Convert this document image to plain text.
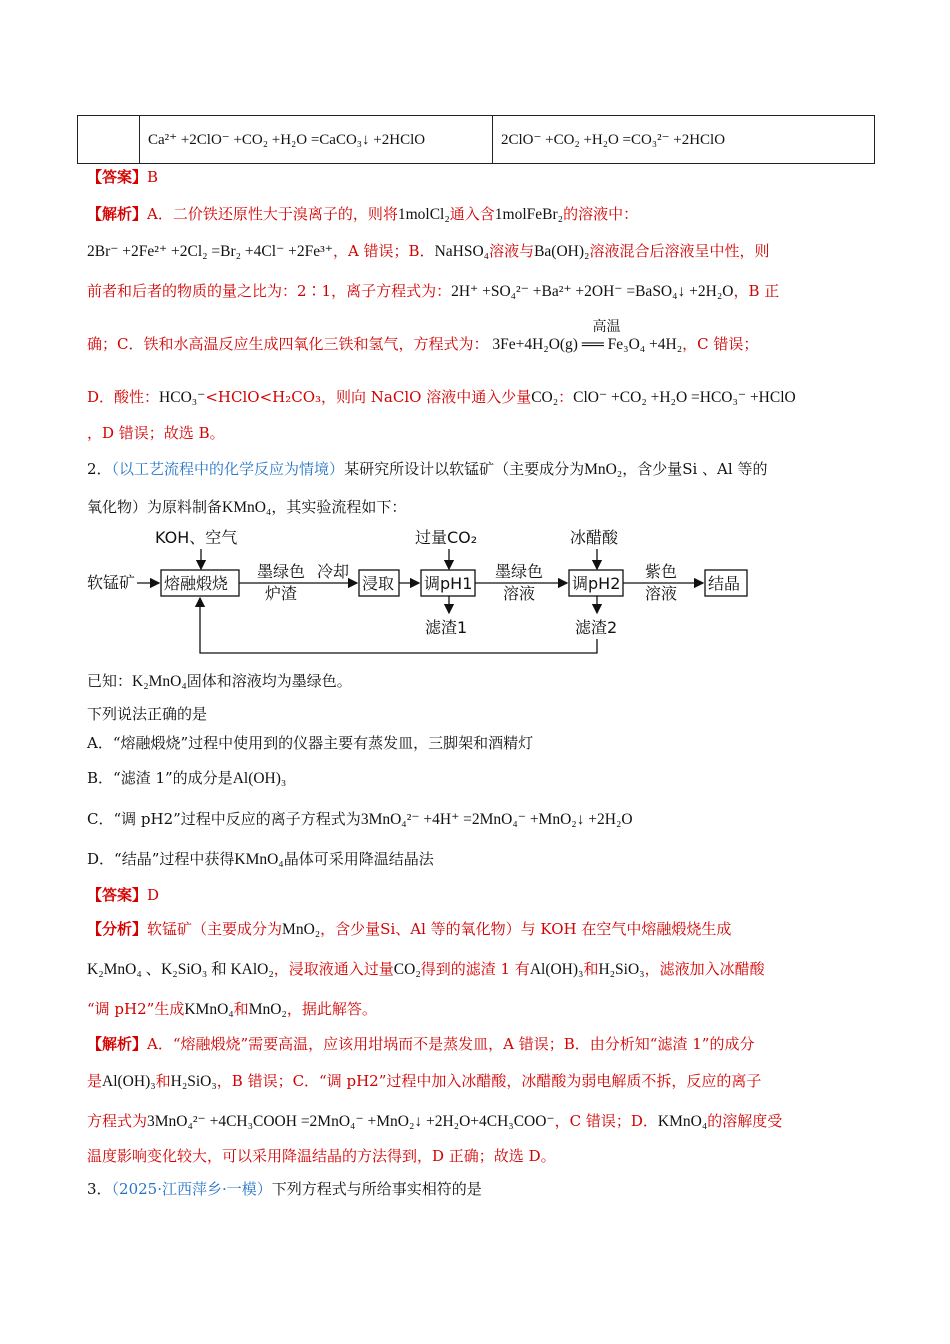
	Ca²⁺ +2ClO⁻ +CO₂ +H₂O =CaCO₃↓ +2HClO	2ClO⁻ +CO₂ +H₂O =CO₃²⁻ +2HClO
【答案】B
【解析】A．二价铁还原性大于溴离子的，则将1molCl₂通入含1molFeBr₂的溶液中：
2Br⁻ +2Fe²⁺ +2Cl₂ =Br₂ +4Cl⁻ +2Fe³⁺，A 错误；B．NaHSO₄溶液与Ba(OH)₂溶液混合后溶液呈中性，则
前者和后者的物质的量之比为：2∶1，离子方程式为：2H⁺ +SO₄²⁻ +Ba²⁺ +2OH⁻ =BaSO₄↓ +2H₂O，B 正
确；C．铁和水高温反应生成四氧化三铁和氢气，方程式为：
高温
3Fe+4H₂O(g) ══ Fe₃O₄ +4H₂，C 错误；
D．酸性：HCO₃⁻<HClO<H₂CO₃，则向 NaClO 溶液中通入少量CO₂：ClO⁻ +CO₂ +H₂O =HCO₃⁻ +HClO
，D 错误；故选 B。
2．（以工艺流程中的化学反应为情境）某研究所设计以软锰矿（主要成分为MnO₂，含少量Si 、Al 等的
氧化物）为原料制备KMnO₄，其实验流程如下：
软锰矿
KOH、空气
熔融煅烧
墨绿色
炉渣
冷却
浸取
过量CO₂
调pH1
滤渣1
墨绿色
溶液
冰醋酸
调pH2
滤渣2
紫色
溶液
结晶
已知：K₂MnO₄固体和溶液均为墨绿色。
下列说法正确的是
A．“熔融煅烧”过程中使用到的仪器主要有蒸发皿，三脚架和酒精灯
B．“滤渣 1”的成分是Al(OH)₃
C．“调 pH2”过程中反应的离子方程式为3MnO₄²⁻ +4H⁺ =2MnO₄⁻ +MnO₂↓ +2H₂O
D．“结晶”过程中获得KMnO₄晶体可采用降温结晶法
【答案】D
【分析】软锰矿（主要成分为MnO₂，含少量Si、Al 等的氧化物）与 KOH 在空气中熔融煅烧生成
K₂MnO₄ 、K₂SiO₃ 和 KAlO₂，浸取液通入过量CO₂得到的滤渣 1 有Al(OH)₃和H₂SiO₃，滤液加入冰醋酸
“调 pH2”生成KMnO₄和MnO₂，据此解答。
【解析】A．“熔融煅烧”需要高温，应该用坩埚而不是蒸发皿，A 错误；B．由分析知“滤渣 1”的成分
是Al(OH)₃和H₂SiO₃，B 错误；C．“调 pH2”过程中加入冰醋酸，冰醋酸为弱电解质不拆，反应的离子
方程式为3MnO₄²⁻ +4CH₃COOH =2MnO₄⁻ +MnO₂↓ +2H₂O+4CH₃COO⁻，C 错误；D．KMnO₄的溶解度受
温度影响变化较大，可以采用降温结晶的方法得到，D 正确；故选 D。
3．（2025·江西萍乡·一模）下列方程式与所给事实相符的是
